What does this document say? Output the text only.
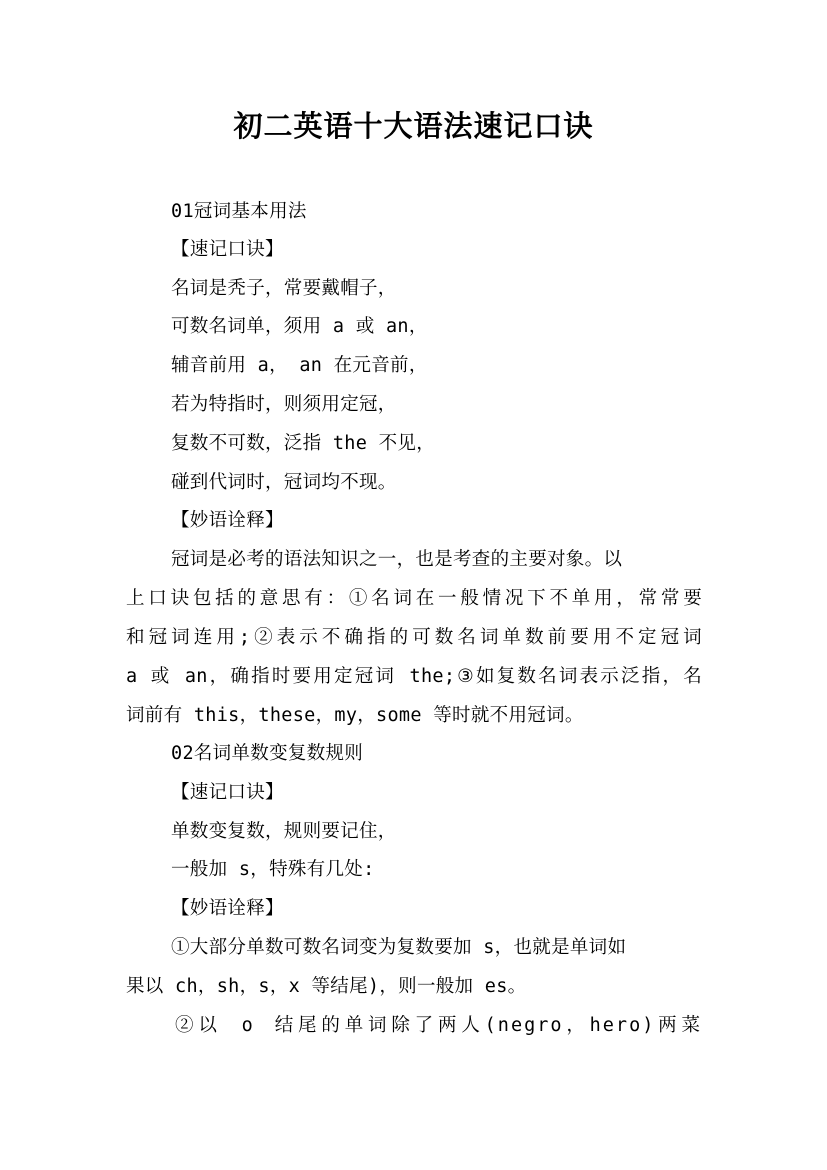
初二英语十大语法速记口诀
01冠词基本用法
【速记口诀】
名词是秃子，常要戴帽子，
可数名词单，须用 a 或 an，
辅音前用 a， an 在元音前，
若为特指时，则须用定冠，
复数不可数，泛指 the 不见，
碰到代词时，冠词均不现。
【妙语诠释】
冠词是必考的语法知识之一，也是考查的主要对象。以
上口诀包括的意思有：①名词在一般情况下不单用，常常要
和冠词连用;②表示不确指的可数名词单数前要用不定冠词
a 或 an，确指时要用定冠词 the;③如复数名词表示泛指，名
词前有 this，these，my，some 等时就不用冠词。
02名词单数变复数规则
【速记口诀】
单数变复数，规则要记住，
一般加 s，特殊有几处:
【妙语诠释】
①大部分单数可数名词变为复数要加 s，也就是单词如
果以 ch，sh，s，x 等结尾)，则一般加 es。
②以 o 结尾的单词除了两人(negro，hero)两菜
